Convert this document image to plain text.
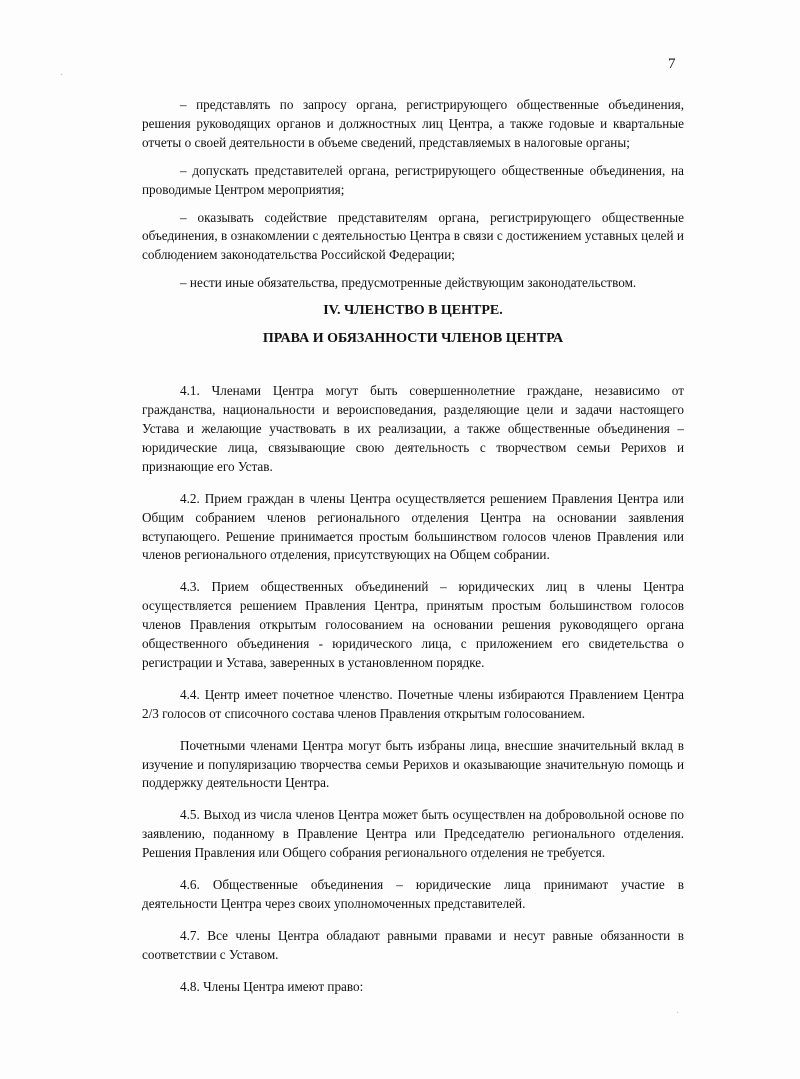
7
·
·

– представлять по запросу органа, регистрирующего общественные объединения, решения руководящих органов и должностных лиц Центра, а также годовые и квартальные отчеты о своей деятельности в объеме сведений, представляемых в налоговые органы;

– допускать представителей органа, регистрирующего общественные объединения, на проводимые Центром мероприятия;

– оказывать содействие представителям органа, регистрирующего общественные объединения, в ознакомлении с деятельностью Центра в связи с достижением уставных целей и соблюдением законодательства Российской Федерации;

– нести иные обязательства, предусмотренные действующим законодательством.

IV. ЧЛЕНСТВО В ЦЕНТРЕ.
ПРАВА И ОБЯЗАННОСТИ ЧЛЕНОВ ЦЕНТРА

4.1. Членами Центра могут быть совершеннолетние граждане, независимо от гражданства, национальности и вероисповедания, разделяющие цели и задачи настоящего Устава и желающие участвовать в их реализации, а также общественные объединения – юридические лица, связывающие свою деятельность с творчеством семьи Рерихов и признающие его Устав.

4.2. Прием граждан в члены Центра осуществляется решением Правления Центра или Общим собранием членов регионального отделения Центра на основании заявления вступающего. Решение принимается простым большинством голосов членов Правления или членов регионального отделения, присутствующих на Общем собрании.

4.3. Прием общественных объединений – юридических лиц в члены Центра осуществляется решением Правления Центра, принятым простым большинством голосов членов Правления открытым голосованием на основании решения руководящего органа общественного объединения - юридического лица, с приложением его свидетельства о регистрации и Устава, заверенных в установленном порядке.

4.4. Центр имеет почетное членство. Почетные члены избираются Правлением Центра 2/3 голосов от списочного состава членов Правления открытым голосованием.

Почетными членами Центра могут быть избраны лица, внесшие значительный вклад в изучение и популяризацию творчества семьи Рерихов и оказывающие значительную помощь и поддержку деятельности Центра.

4.5. Выход из числа членов Центра может быть осуществлен на добровольной основе по заявлению, поданному в Правление Центра или Председателю регионального отделения. Решения Правления или Общего собрания регионального отделения не требуется.

4.6. Общественные объединения – юридические лица принимают участие в деятельности Центра через своих уполномоченных представителей.

4.7. Все члены Центра обладают равными правами и несут равные обязанности в соответствии с Уставом.

4.8. Члены Центра имеют право:
